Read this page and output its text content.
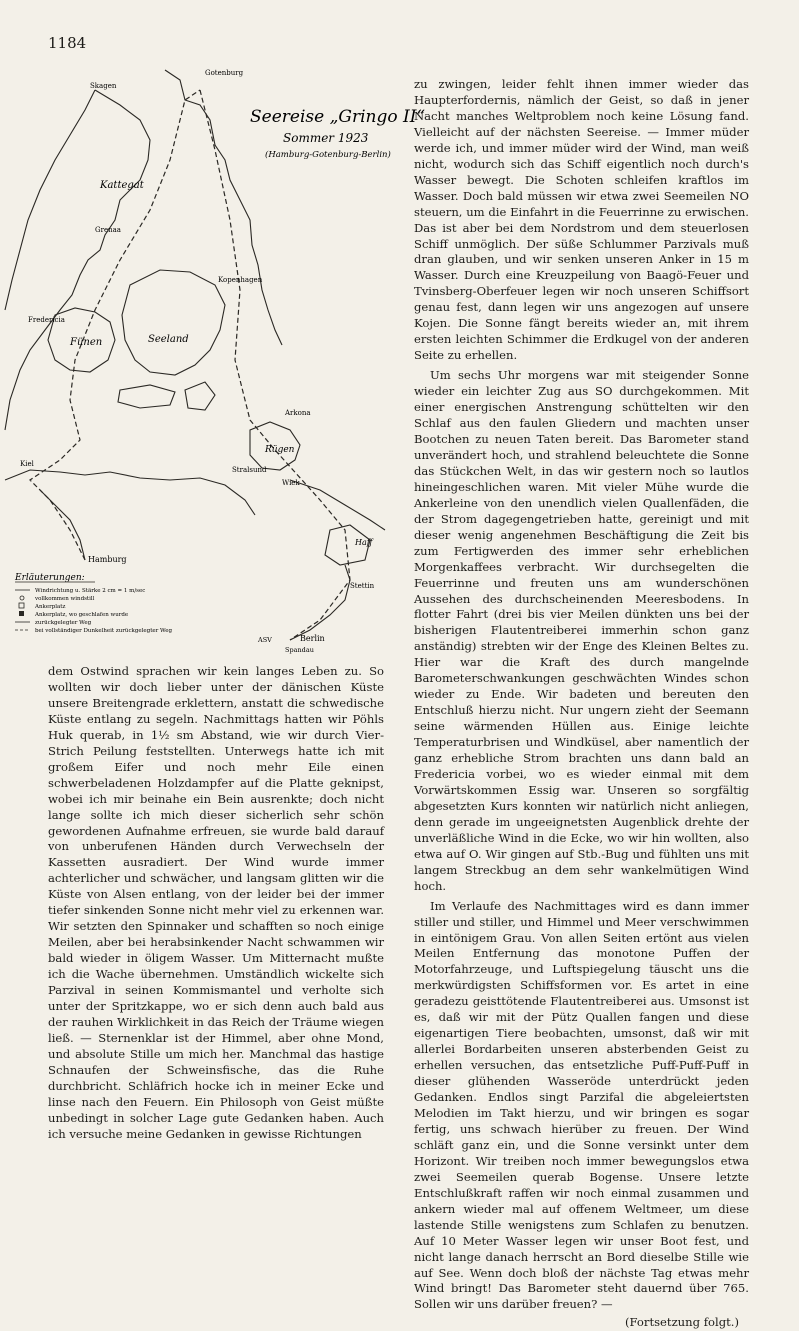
1184
Seereise „Gringo II“
Sommer 1923
(Hamburg-Gotenburg-Berlin)
Skagen
Gotenburg
Kattegat
Grenaa
Fredericia
Fünen	Seeland
Kopenhagen
Arkona
Rügen
Stralsund
Wiek
Haff
Kiel
Hamburg
Stettin
Berlin
Spandau
ASV
Erläuterungen:
Windrichtung u. Stärke 2 cm = 1 m/sec
vollkommen windstill
Ankerplatz
Ankerplatz, wo geschlafen wurde
zurückgelegter Weg
bei vollständiger Dunkelheit zurückgelegter Weg

dem Ostwind sprachen wir kein langes Leben zu. So wollten wir doch lieber unter der dänischen Küste unsere Breitengrade erklettern, anstatt die schwedische Küste entlang zu segeln. Nachmittags hatten wir Pöhls Huk querab, in 1½ sm Abstand, wie wir durch Vier-Strich Peilung feststellten. Unterwegs hatte ich mit großem Eifer und noch mehr Eile einen schwerbeladenen Holzdampfer auf die Platte geknipst, wobei ich mir beinahe ein Bein ausrenkte; doch nicht lange sollte ich mich dieser sicherlich sehr schön gewordenen Aufnahme erfreuen, sie wurde bald darauf von unberufenen Händen durch Verwechseln der Kassetten ausradiert. Der Wind wurde immer achterlicher und schwächer, und langsam glitten wir die Küste von Alsen entlang, von der leider bei der immer tiefer sinkenden Sonne nicht mehr viel zu erkennen war. Wir setzten den Spinnaker und schafften so noch einige Meilen, aber bei herabsinkender Nacht schwammen wir bald wieder in öligem Wasser. Um Mitternacht mußte ich die Wache übernehmen. Umständlich wickelte sich Parzival in seinen Kommismantel und verholte sich unter der Spritzkappe, wo er sich denn auch bald aus der rauhen Wirklichkeit in das Reich der Träume wiegen ließ. — Sternenklar ist der Himmel, aber ohne Mond, und absolute Stille um mich her. Manchmal das hastige Schnaufen der Schweinsfische, das die Ruhe durchbricht. Schläfrich hocke ich in meiner Ecke und linse nach den Feuern. Ein Philosoph von Geist müßte unbedingt in solcher Lage gute Gedanken haben. Auch ich versuche meine Gedanken in gewisse Richtungen

zu zwingen, leider fehlt ihnen immer wieder das Haupterfordernis, nämlich der Geist, so daß in jener Nacht manches Weltproblem noch keine Lösung fand. Vielleicht auf der nächsten Seereise. — Immer müder werde ich, und immer müder wird der Wind, man weiß nicht, wodurch sich das Schiff eigentlich noch durch's Wasser bewegt. Die Schoten schleifen kraftlos im Wasser. Doch bald müssen wir etwa zwei Seemeilen NO steuern, um die Einfahrt in die Feuerrinne zu erwischen. Das ist aber bei dem Nordstrom und dem steuerlosen Schiff unmöglich. Der süße Schlummer Parzivals muß dran glauben, und wir senken unseren Anker in 15 m Wasser. Durch eine Kreuzpeilung von Baagö-Feuer und Tvinsberg-Oberfeuer legen wir noch unseren Schiffsort genau fest, dann legen wir uns angezogen auf unsere Kojen. Die Sonne fängt bereits wieder an, mit ihrem ersten leichten Schimmer die Erdkugel von der anderen Seite zu erhellen.

Um sechs Uhr morgens war mit steigender Sonne wieder ein leichter Zug aus SO durchgekommen. Mit einer energischen Anstrengung schüttelten wir den Schlaf aus den faulen Gliedern und machten unser Bootchen zu neuen Taten bereit. Das Barometer stand unverändert hoch, und strahlend beleuchtete die Sonne das Stückchen Welt, in das wir gestern noch so lautlos hineingeschlichen waren. Mit vieler Mühe wurde die Ankerleine von den unendlich vielen Quallenfäden, die der Strom dagegengetrieben hatte, gereinigt und mit dieser wenig angenehmen Beschäftigung die Zeit bis zum Fertigwerden des immer sehr erheblichen Morgenkaffees verbracht. Wir durchsegelten die Feuerrinne und freuten uns am wunderschönen Aussehen des durchscheinenden Meeresbodens. In flotter Fahrt (drei bis vier Meilen dünkten uns bei der bisherigen Flautentreiberei immerhin schon ganz anständig) strebten wir der Enge des Kleinen Beltes zu. Hier war die Kraft des durch mangelnde Barometerschwankungen geschwächten Windes schon wieder zu Ende. Wir badeten und bereuten den Entschluß hierzu nicht. Nur ungern zieht der Seemann seine wärmenden Hüllen aus. Einige leichte Temperaturbrisen und Windküsel, aber namentlich der ganz erhebliche Strom brachten uns dann bald an Fredericia vorbei, wo es wieder einmal mit dem Vorwärtskommen Essig war. Unseren so sorgfältig abgesetzten Kurs konnten wir natürlich nicht anliegen, denn gerade im ungeeignetsten Augenblick drehte der unverläßliche Wind in die Ecke, wo wir hin wollten, also etwa auf O. Wir gingen auf Stb.-Bug und fühlten uns mit langem Streckbug an dem sehr wankelmütigen Wind hoch.

Im Verlaufe des Nachmittages wird es dann immer stiller und stiller, und Himmel und Meer verschwimmen in eintönigem Grau. Von allen Seiten ertönt aus vielen Meilen Entfernung das monotone Puffen der Motorfahrzeuge, und Luftspiegelung täuscht uns die merkwürdigsten Schiffsformen vor. Es artet in eine geradezu geisttötende Flautentreiberei aus. Umsonst ist es, daß wir mit der Pütz Quallen fangen und diese eigenartigen Tiere beobachten, umsonst, daß wir mit allerlei Bordarbeiten unseren absterbenden Geist zu erhellen versuchen, das entsetzliche Puff-Puff-Puff in dieser glühenden Wasseröde unterdrückt jeden Gedanken. Endlos singt Parzifal die abgeleiertsten Melodien im Takt hierzu, und wir bringen es sogar fertig, uns schwach hierüber zu freuen. Der Wind schläft ganz ein, und die Sonne versinkt unter dem Horizont. Wir treiben noch immer bewegungslos etwa zwei Seemeilen querab Bogense. Unsere letzte Entschlußkraft raffen wir noch einmal zusammen und ankern wieder mal auf offenem Weltmeer, um diese lastende Stille wenigstens zum Schlafen zu benutzen. Auf 10 Meter Wasser legen wir unser Boot fest, und nicht lange danach herrscht an Bord dieselbe Stille wie auf See. Wenn doch bloß der nächste Tag etwas mehr Wind bringt! Das Barometer steht dauernd über 765. Sollen wir uns darüber freuen? —

(Fortsetzung folgt.)
